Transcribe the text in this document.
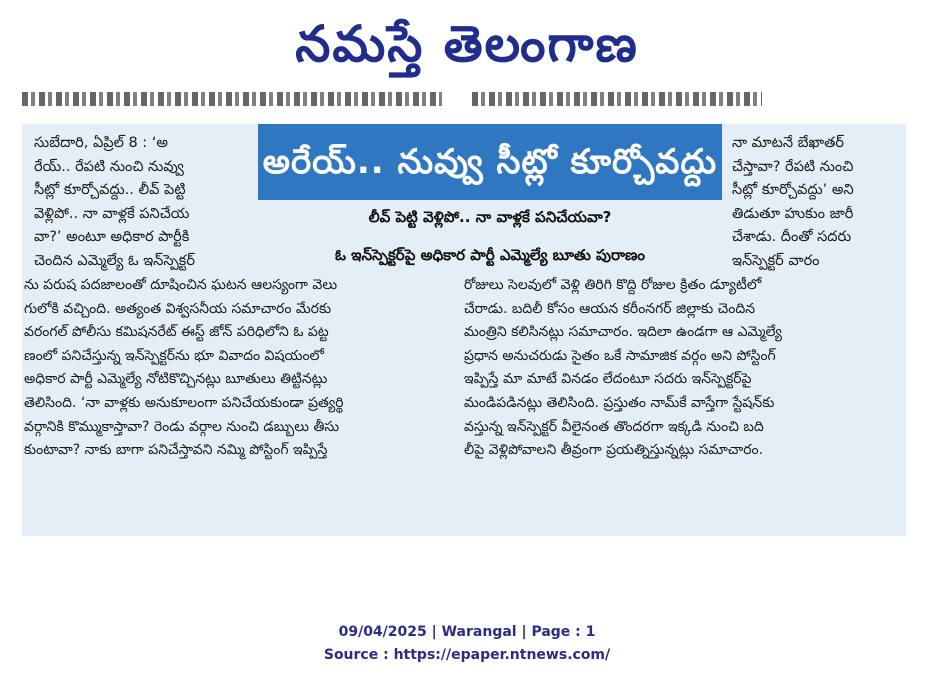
నమస్తే తెలంగాణ
సుబేదారి, ఏప్రిల్ 8 : ‘అ
రేయ్.. రేపటి నుంచి నువ్వు
సీట్లో కూర్చోవద్దు.. లీవ్ పెట్టి
వెళ్లిపో.. నా వాళ్లకే పనిచేయ
వా?’ అంటూ అధికార పార్టీకి
చెందిన ఎమ్మెల్యే ఓ ఇన్‌స్పెక్టర్
అరేయ్.. నువ్వు సీట్లో కూర్చోవద్దు
లీవ్ పెట్టి వెళ్లిపో.. నా వాళ్లకే పనిచేయవా?
ఓ ఇన్‌స్పెక్టర్‌పై అధికార పార్టీ ఎమ్మెల్యే బూతు పురాణం
నా మాటనే బేఖాతర్
చేస్తావా? రేపటి నుంచి
సీట్లో కూర్చోవద్దు’ అని
తిడుతూ హుకుం జారీ
చేశాడు. దీంతో సదరు
ఇన్‌స్పెక్టర్ వారం
ను పరుష పదజాలంతో దూషించిన ఘటన ఆలస్యంగా వెలు
గులోకి వచ్చింది. అత్యంత విశ్వసనీయ సమాచారం మేరకు
వరంగల్ పోలీసు కమిషనరేట్ ఈస్ట్ జోన్ పరిధిలోని ఓ పట్ట
ణంలో పనిచేస్తున్న ఇన్‌స్పెక్టర్‌ను భూ వివాదం విషయంలో
అధికార పార్టీ ఎమ్మెల్యే నోటికొచ్చినట్లు బూతులు తిట్టినట్లు
తెలిసింది. ‘నా వాళ్లకు అనుకూలంగా పనిచేయకుండా ప్రత్యర్థి
వర్గానికి కొమ్ముకాస్తావా? రెండు వర్గాల నుంచి డబ్బులు తీసు
కుంటావా? నాకు బాగా పనిచేస్తావని నమ్మి పోస్టింగ్ ఇప్పిస్తే
రోజులు సెలవులో వెళ్లి తిరిగి కొద్ది రోజుల క్రితం డ్యూటీలో
చేరాడు. బదిలీ కోసం ఆయన కరీంనగర్ జిల్లాకు చెందిన
మంత్రిని కలిసినట్లు సమాచారం. ఇదిలా ఉండగా ఆ ఎమ్మెల్యే
ప్రధాన అనుచరుడు సైతం ఒకే సామాజిక వర్గం అని పోస్టింగ్
ఇప్పిస్తే మా మాటే వినడం లేదంటూ సదరు ఇన్‌స్పెక్టర్‌పై
మండిపడినట్లు తెలిసింది. ప్రస్తుతం నామ్‌కే వాస్తేగా స్టేషన్‌కు
వస్తున్న ఇన్‌స్పెక్టర్ వీలైనంత తొందరగా ఇక్కడి నుంచి బది
లీపై వెళ్లిపోవాలని తీవ్రంగా ప్రయత్నిస్తున్నట్లు సమాచారం.
09/04/2025 | Warangal | Page : 1
Source : https://epaper.ntnews.com/
